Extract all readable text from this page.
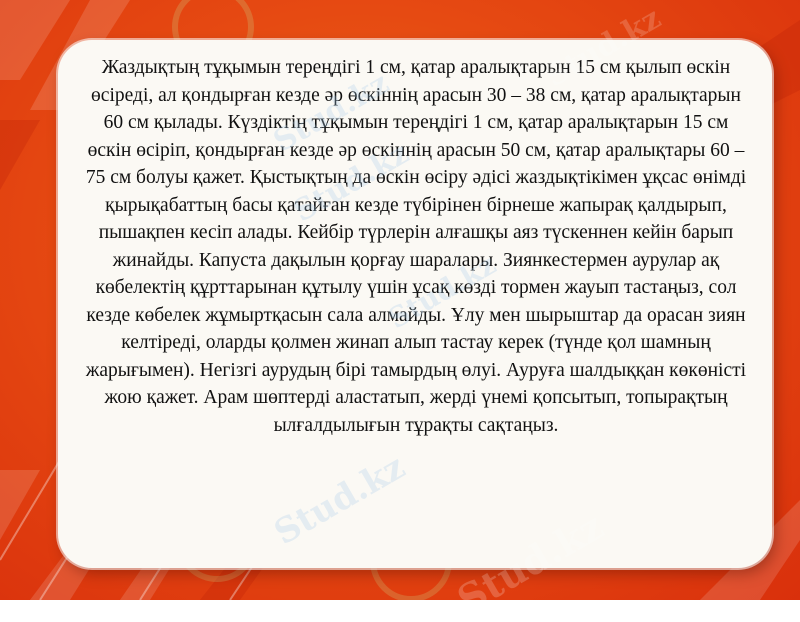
Жаздықтың тұқымын тереңдігі 1 см, қатар аралықтарын 15 см қылып өскін өсіреді, ал қондырған кезде әр өскіннің арасын 30 – 38 см, қатар аралықтарын 60 см қылады. Күздіктің тұқымын тереңдігі 1 см, қатар аралықтарын 15 см өскін өсіріп, қондырған кезде әр өскіннің арасын 50 см, қатар аралықтары 60 – 75 см болуы қажет. Қыстықтың да өскін өсіру әдісі жаздықтікімен ұқсас өнімді қырықабаттың басы қатайған кезде түбірінен бірнеше жапырақ қалдырып, пышақпен кесіп алады. Кейбір түрлерін алғашқы аяз түскеннен кейін барып жинайды. Капуста дақылын қорғау шаралары. Зиянкестермен аурулар ақ көбелектің құрттарынан құтылу үшін ұсақ көзді тормен жауып тастаңыз, сол кезде көбелек жұмыртқасын сала алмайды. Ұлу мен шырыштар да орасан зиян келтіреді, оларды қолмен жинап алып тастау керек (түнде қол шамның жарығымен). Негізгі аурудың бірі тамырдың өлуі. Ауруға шалдыққан көкөністі жою қажет. Арам шөптерді аластатып, жерді үнемі қопсытып, топырақтың ылғалдылығын тұрақты сақтаңыз.

Stud.kz
Stud.kz
Stud.kz
Stud.kz
Stud.kz
